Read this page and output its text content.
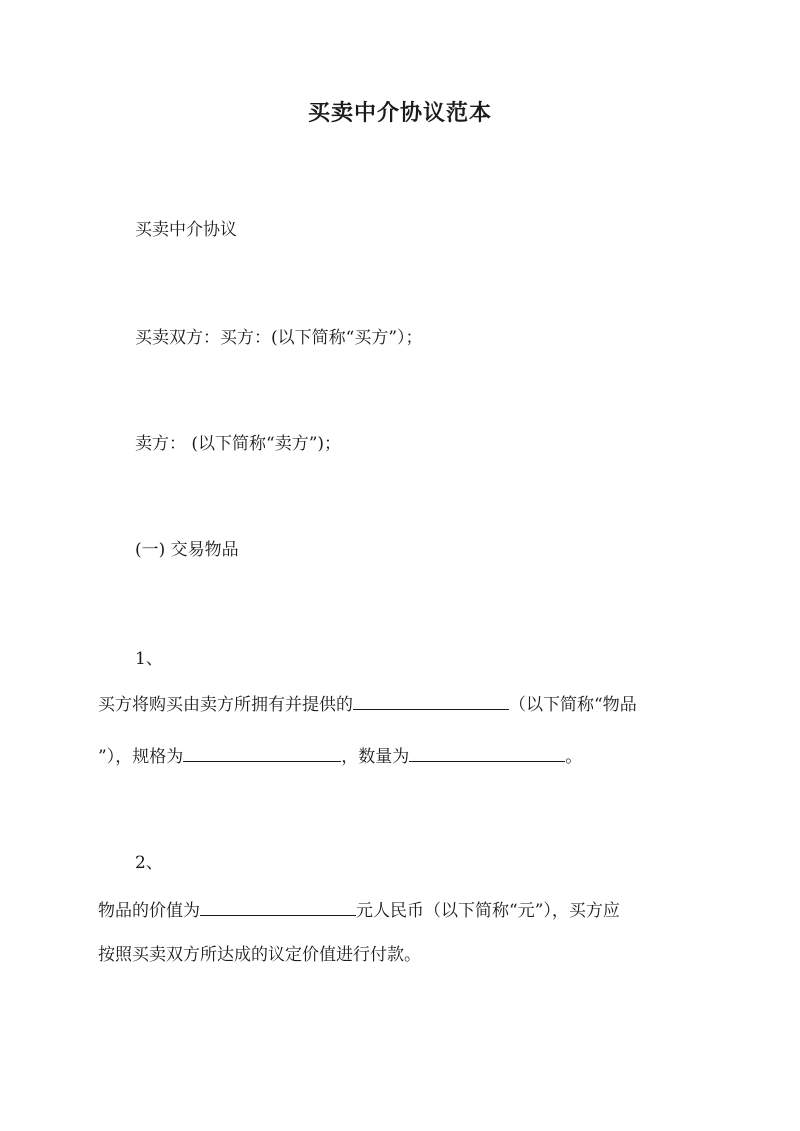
买卖中介协议范本
买卖中介协议
买卖双方：买方：(以下简称“买方”）；
卖方： (以下简称“卖方”)；
(一) 交易物品
1、
买方将购买由卖方所拥有并提供的	（以下简称“物品
”），规格为	，数量为	。
2、
物品的价值为	元人民币（以下简称“元”），买方应
按照买卖双方所达成的议定价值进行付款。
